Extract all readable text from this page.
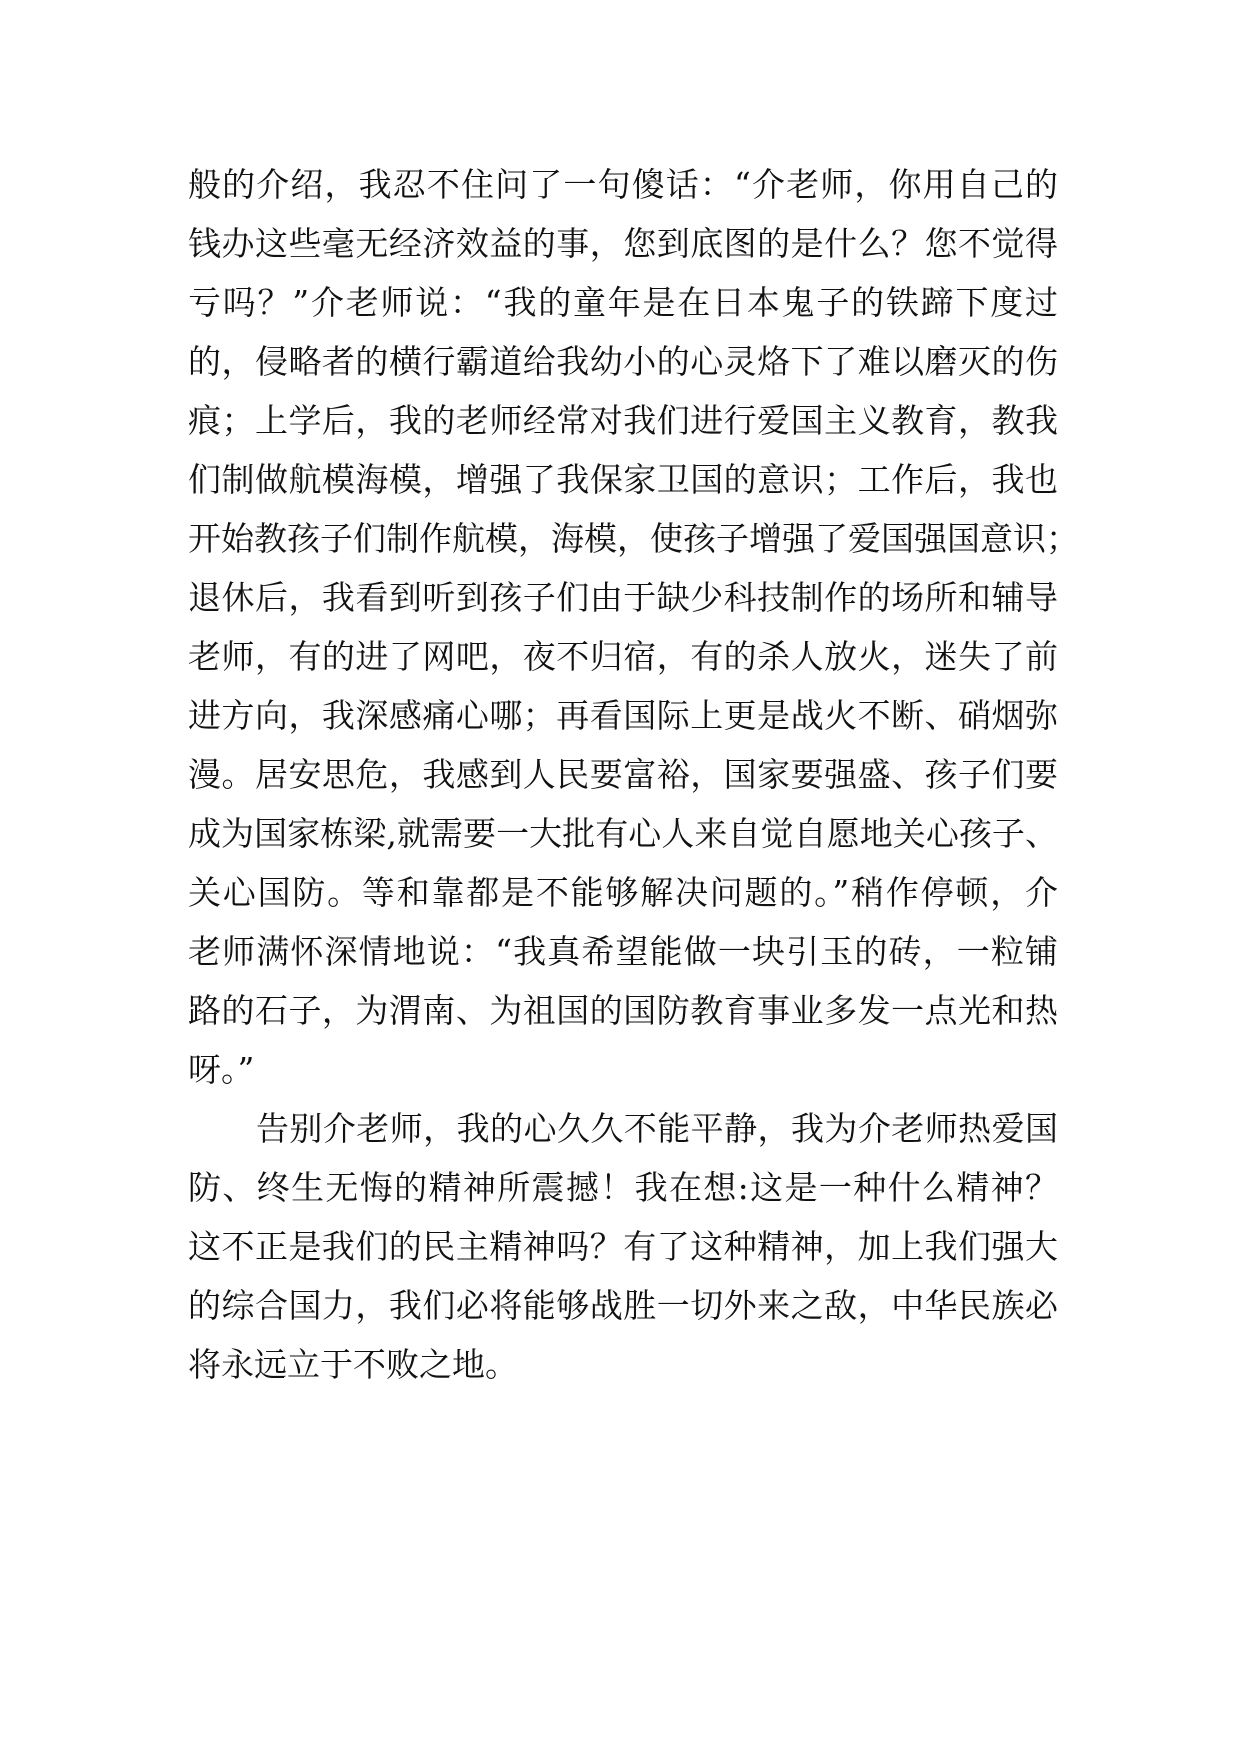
般的介绍，我忍不住问了一句傻话：“介老师，你用自己的
钱办这些毫无经济效益的事，您到底图的是什么？您不觉得
亏吗？”介老师说：“我的童年是在日本鬼子的铁蹄下度过
的，侵略者的横行霸道给我幼小的心灵烙下了难以磨灭的伤
痕；上学后，我的老师经常对我们进行爱国主义教育，教我
们制做航模海模，增强了我保家卫国的意识；工作后，我也
开始教孩子们制作航模，海模，使孩子增强了爱国强国意识；
退休后，我看到听到孩子们由于缺少科技制作的场所和辅导
老师，有的进了网吧，夜不归宿，有的杀人放火，迷失了前
进方向，我深感痛心哪；再看国际上更是战火不断、硝烟弥
漫。居安思危，我感到人民要富裕，国家要强盛、孩子们要
成为国家栋梁,就需要一大批有心人来自觉自愿地关心孩子、
关心国防。等和靠都是不能够解决问题的。”稍作停顿，介
老师满怀深情地说：“我真希望能做一块引玉的砖，一粒铺
路的石子，为渭南、为祖国的国防教育事业多发一点光和热
呀。”
告别介老师，我的心久久不能平静，我为介老师热爱国
防、终生无悔的精神所震撼！我在想:这是一种什么精神？
这不正是我们的民主精神吗？有了这种精神，加上我们强大
的综合国力，我们必将能够战胜一切外来之敌，中华民族必
将永远立于不败之地。
